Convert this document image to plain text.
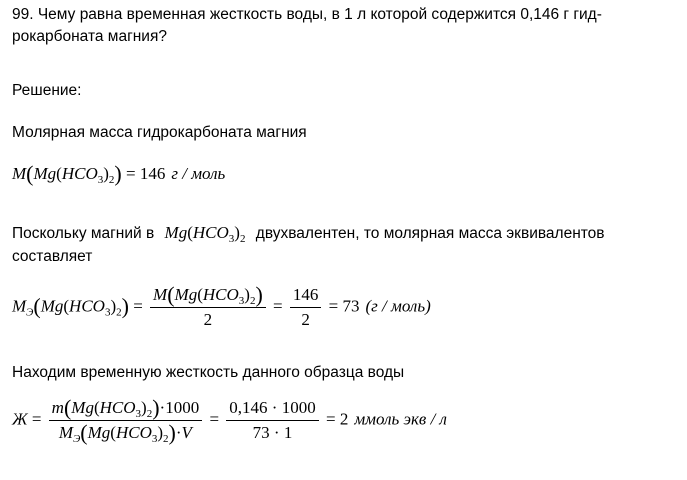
99. Чему равна временная жесткость воды, в 1 л которой содержится 0,146 г гид-рокарбоната магния?
Решение:
Молярная масса гидрокарбоната магния
$M(Mg(HCO_3)_2) = 146$ г / моль
Поскольку магний в $Mg(HCO_3)_2$ двухвалентен, то молярная масса эквивалентов
составляет
$M_Э(Mg(HCO_3)_2) = \frac{M(Mg(HCO_3)_2)}{2} = \frac{146}{2} = 73$ (г / моль)
Находим временную жесткость данного образца воды
$Ж = \frac{m(Mg(HCO_3)_2)\cdot 1000}{M_Э(Mg(HCO_3)_2)\cdot V} = \frac{0,146 \cdot 1000}{73 \cdot 1} = 2$ ммоль экв / л
